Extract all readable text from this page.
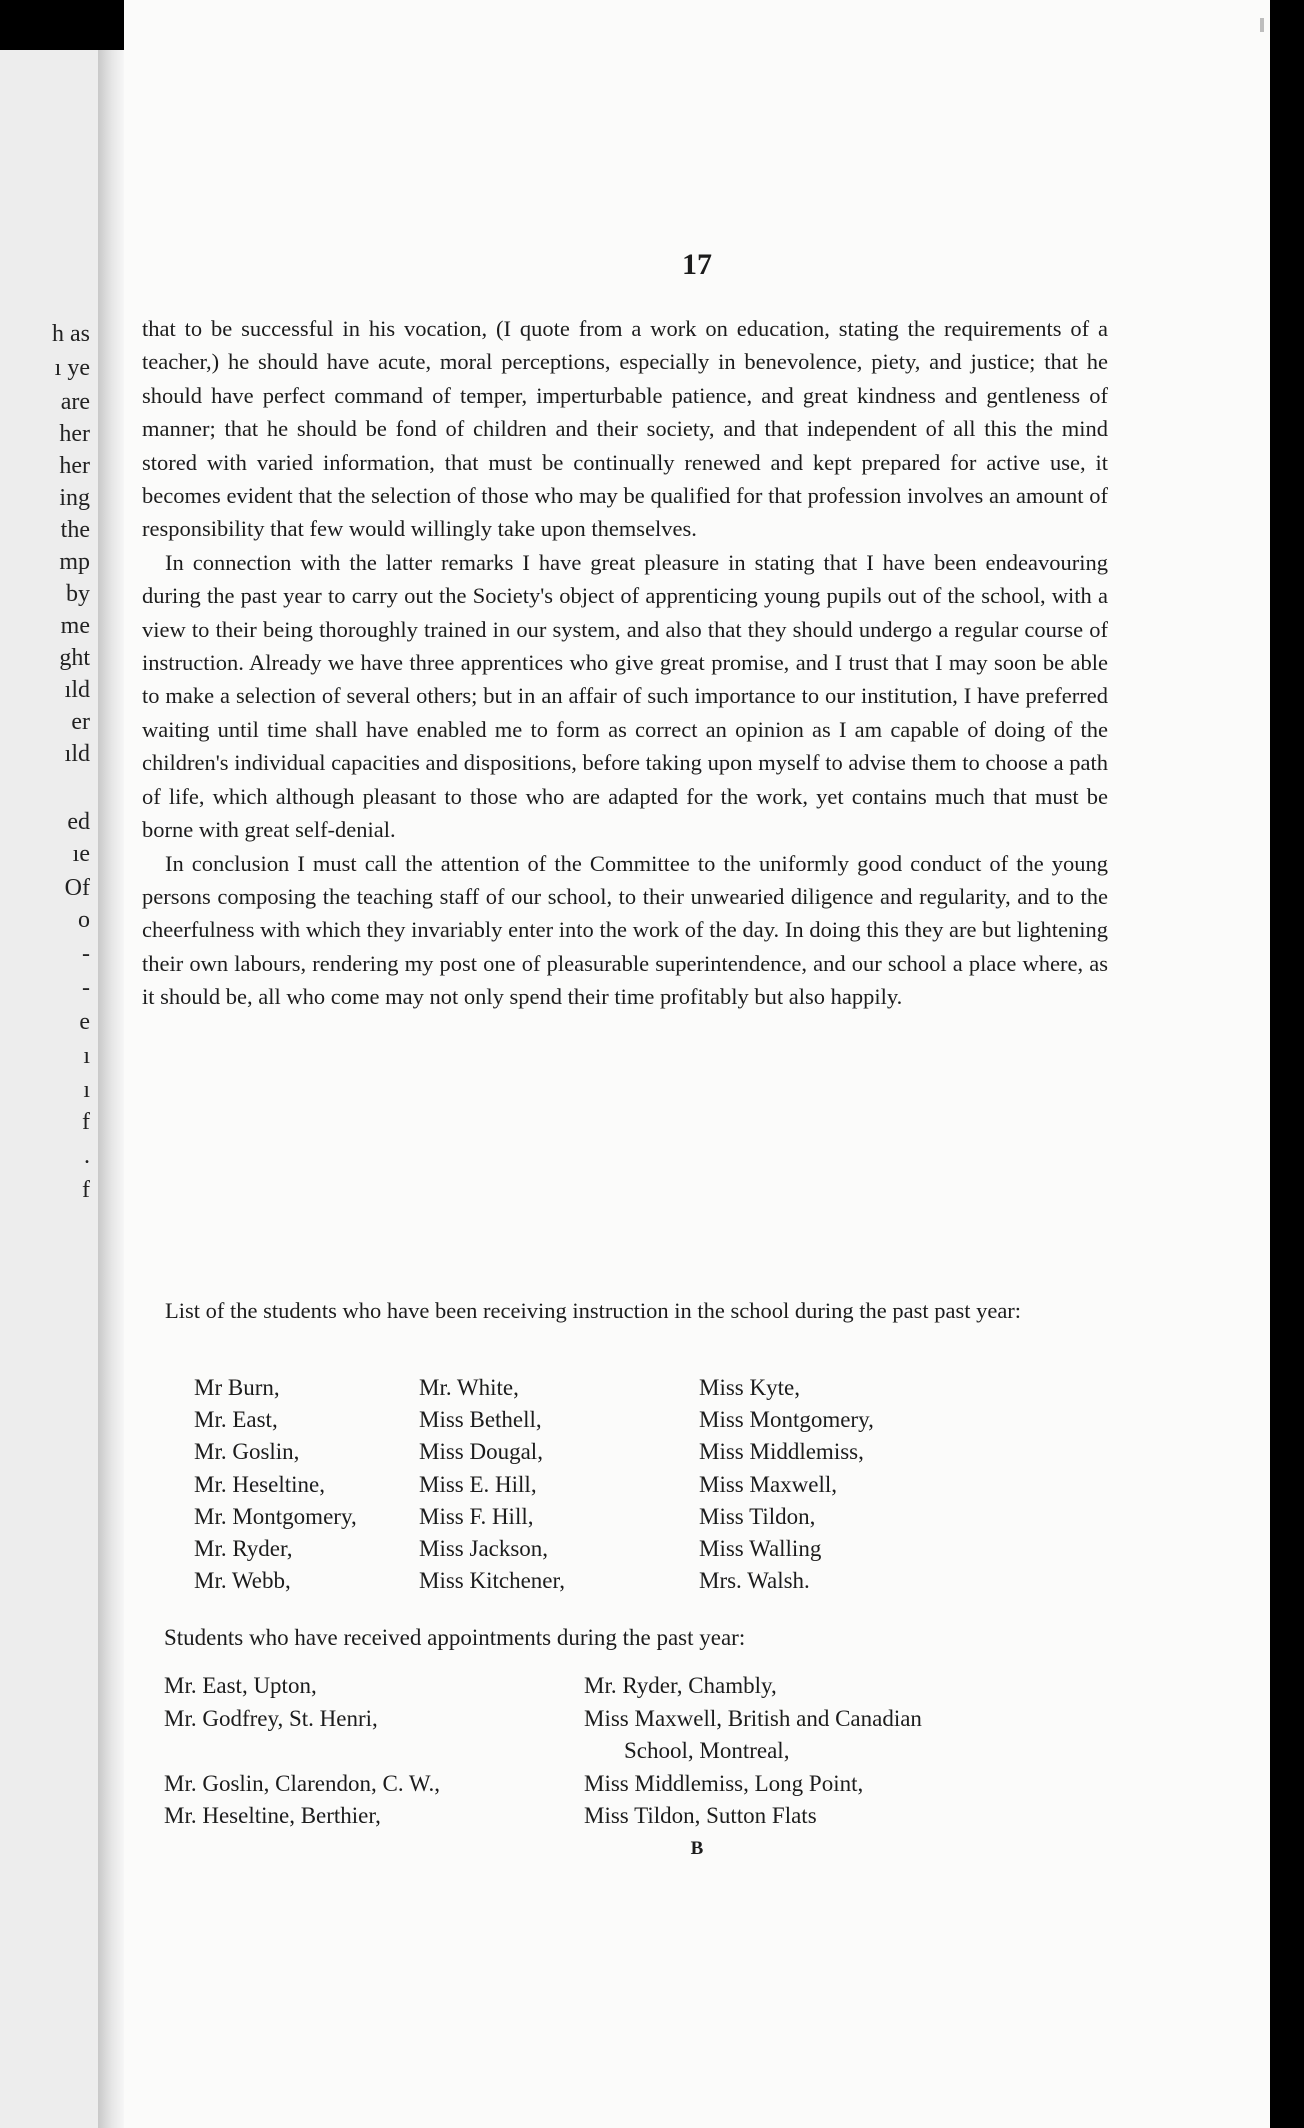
h as
ı ye
are
her
her
ing
the
mp
by
me
ght
ıld
er
ıld
ed
ıe
Of
o
-
-
e
ı
ı
f
.
f
17

that to be successful in his vocation, (I quote from a work on education, stating the requirements of a teacher,) he should have acute, moral perceptions, especially in benevolence, piety, and justice; that he should have perfect command of temper, imperturbable patience, and great kindness and gentleness of manner; that he should be fond of children and their society, and that independent of all this the mind stored with varied information, that must be continually renewed and kept prepared for active use, it becomes evident that the selection of those who may be qualified for that profession involves an amount of responsibility that few would willingly take upon themselves.

In connection with the latter remarks I have great pleasure in stating that I have been endeavouring during the past year to carry out the Society's object of apprenticing young pupils out of the school, with a view to their being thoroughly trained in our system, and also that they should undergo a regular course of instruction. Already we have three apprentices who give great promise, and I trust that I may soon be able to make a selection of several others; but in an affair of such importance to our institution, I have preferred waiting until time shall have enabled me to form as correct an opinion as I am capable of doing of the children's individual capacities and dispositions, before taking upon myself to advise them to choose a path of life, which although pleasant to those who are adapted for the work, yet contains much that must be borne with great self-denial.

In conclusion I must call the attention of the Committee to the uniformly good conduct of the young persons composing the teaching staff of our school, to their unwearied diligence and regularity, and to the cheerfulness with which they invariably enter into the work of the day. In doing this they are but lightening their own labours, rendering my post one of pleasurable superintendence, and our school a place where, as it should be, all who come may not only spend their time profitably but also happily.

List of the students who have been receiving instruction in the school during the past past year:
Mr Burn,
Mr. East,
Mr. Goslin,
Mr. Heseltine,
Mr. Montgomery,
Mr. Ryder,
Mr. Webb,
Mr. White,
Miss Bethell,
Miss Dougal,
Miss E. Hill,
Miss F. Hill,
Miss Jackson,
Miss Kitchener,
Miss Kyte,
Miss Montgomery,
Miss Middlemiss,
Miss Maxwell,
Miss Tildon,
Miss Walling
Mrs. Walsh.
Students who have received appointments during the past year:
Mr. East, Upton,
Mr. Godfrey, St. Henri,
Mr. Goslin, Clarendon, C. W.,
Mr. Heseltine, Berthier,
Mr. Ryder, Chambly,
Miss Maxwell, British and Canadian
School, Montreal,
Miss Middlemiss, Long Point,
Miss Tildon, Sutton Flats
B
